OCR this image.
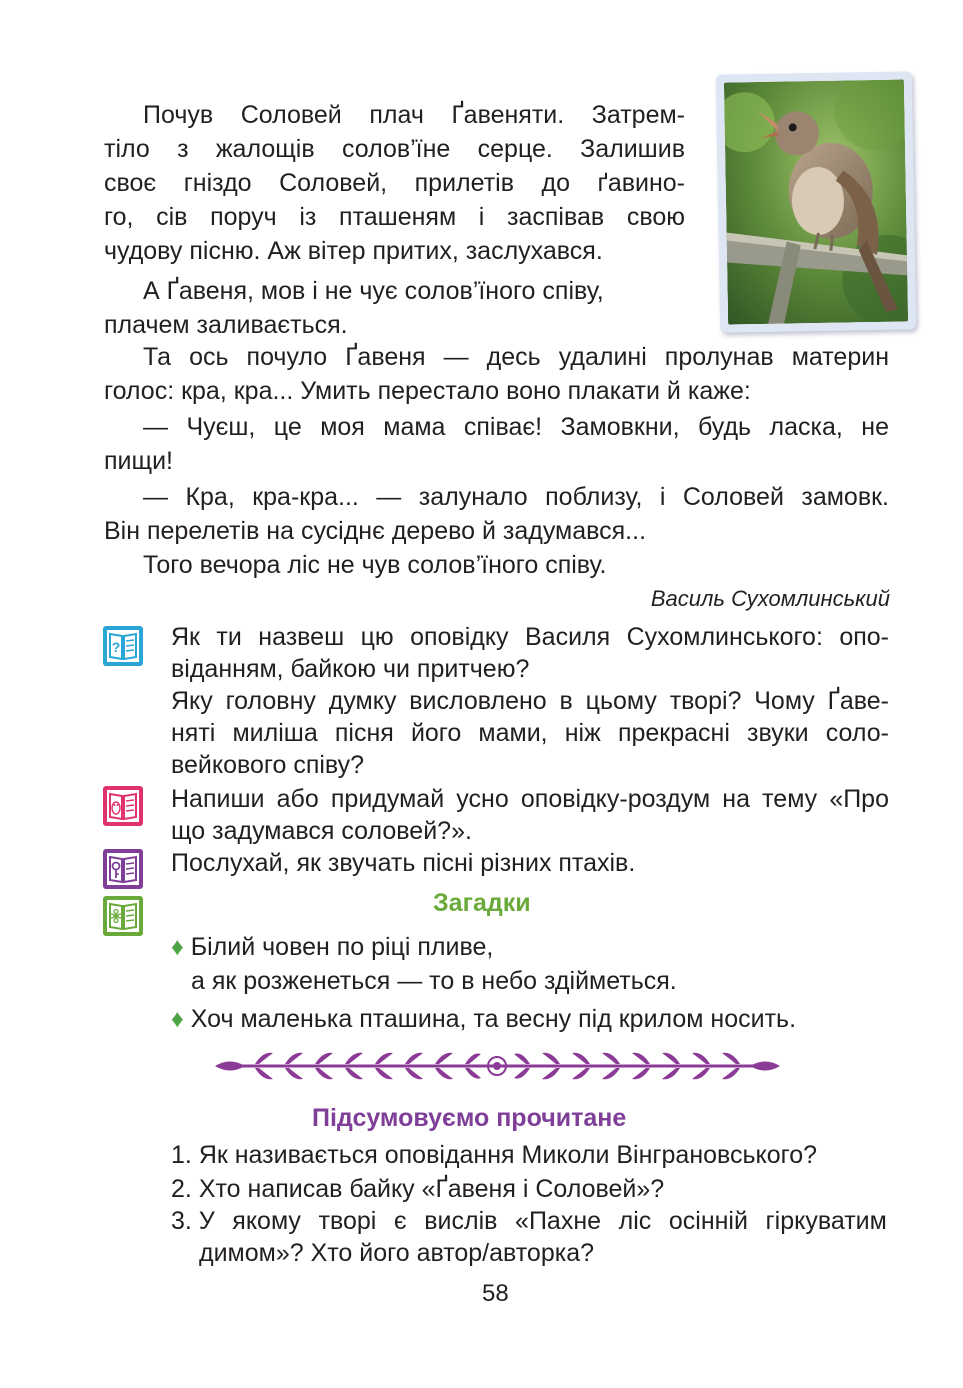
Почув Соловей плач Ґавеняти. Затрем-
тіло з жалощів солов’їне серце. Залишив
своє гніздо Соловей, прилетів до ґавино-
го, сів поруч із пташеням і заспівав свою
чудову пісню. Аж вітер притих, заслухався.
А Ґавеня, мов і не чує солов’їного співу,
плачем заливається.
Та ось почуло Ґавеня — десь удалині пролунав материн
голос: кра, кра... Умить перестало воно плакати й каже:
— Чуєш, це моя мама співає! Замовкни, будь ласка, не
пищи!
— Кра, кра-кра... — залунало поблизу, і Соловей замовк.
Він перелетів на сусіднє дерево й задумався...
Того вечора ліс не чув солов’їного співу.
Василь Сухомлинський
? Як ти назвеш цю оповідку Василя Сухомлинського: опо-
віданням, байкою чи притчею?
Яку головну думку висловлено в цьому творі? Чому Ґаве-
няті миліша пісня його мами, ніж прекрасні звуки соло-
вейкового співу?
Напиши або придумай усно оповідку-роздум на тему «Про
що задумався соловей?».
Послухай, як звучать пісні різних птахів.
Загадки
♦ Білий човен по ріці пливе,
а як розженеться — то в небо здійметься.
♦ Хоч маленька пташина, та весну під крилом носить.
Підсумовуємо прочитане
1. Як називається оповідання Миколи Вінграновського?
2. Хто написав байку «Ґавеня і Соловей»?
3. У якому творі є вислів «Пахне ліс осінній гіркуватим
димом»? Хто його автор/авторка?
58
